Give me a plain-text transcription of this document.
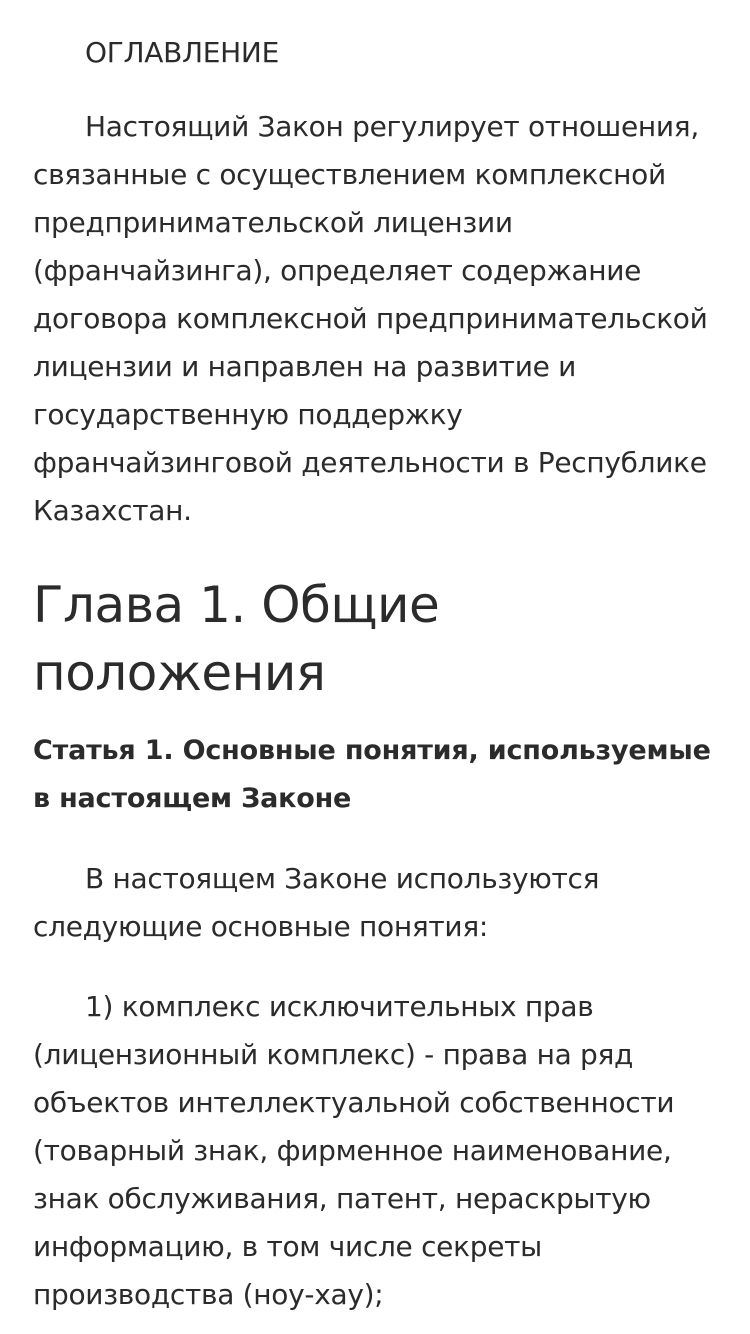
ОГЛАВЛЕНИЕ

Настоящий Закон регулирует отношения, связанные с осуществлением комплексной предпринимательской лицензии (франчайзинга), определяет содержание договора комплексной предпринимательской лицензии и направлен на развитие и государственную поддержку франчайзинговой деятельности в Республике Казахстан.

Глава 1. Общие положения
Статья 1. Основные понятия, используемые в настоящем Законе

В настоящем Законе используются следующие основные понятия:

1) комплекс исключительных прав (лицензионный комплекс) - права на ряд объектов интеллектуальной собственности (товарный знак, фирменное наименование, знак обслуживания, патент, нераскрытую информацию, в том числе секреты производства (ноу-хау);
